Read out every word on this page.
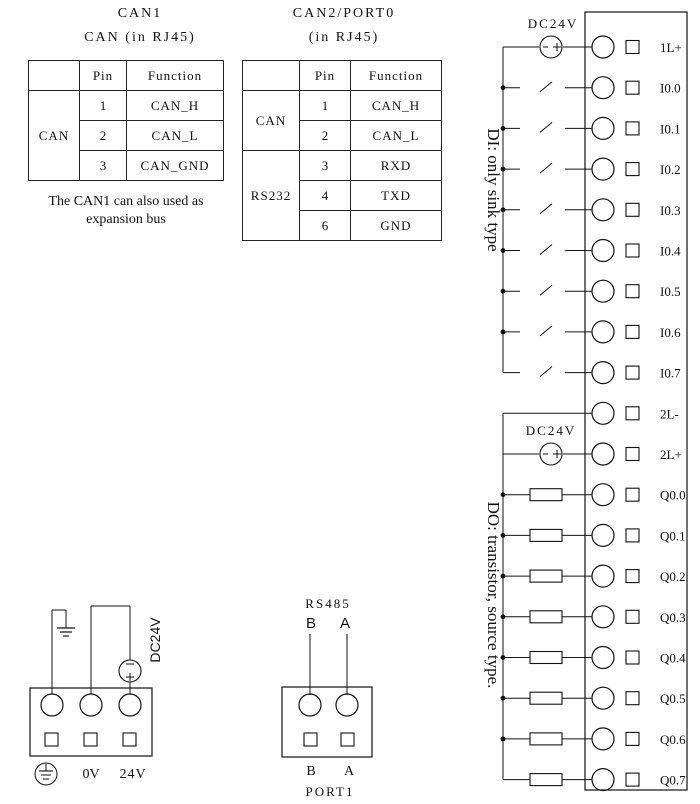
CAN1
CAN (in RJ45)
	Pin	Function
CAN	1	CAN_H
	2	CAN_L
	3	CAN_GND
The CAN1 can also used as
expansion bus
CAN2/PORT0
(in RJ45)
	Pin	Function
CAN	1	CAN_H
	2	CAN_L
RS232	3	RXD
	4	TXD
	6	GND
1L+
I0.0
I0.1
I0.2
I0.3
I0.4
I0.5
I0.6
I0.7
2L-
2L+
Q0.0
Q0.1
Q0.2
Q0.3
Q0.4
Q0.5
Q0.6
Q0.7
DC24V
DC24V
DI: only sink type
DO: transistor, source type.
DC24V
0V 24V
RS485
B A
B A
PORT1
